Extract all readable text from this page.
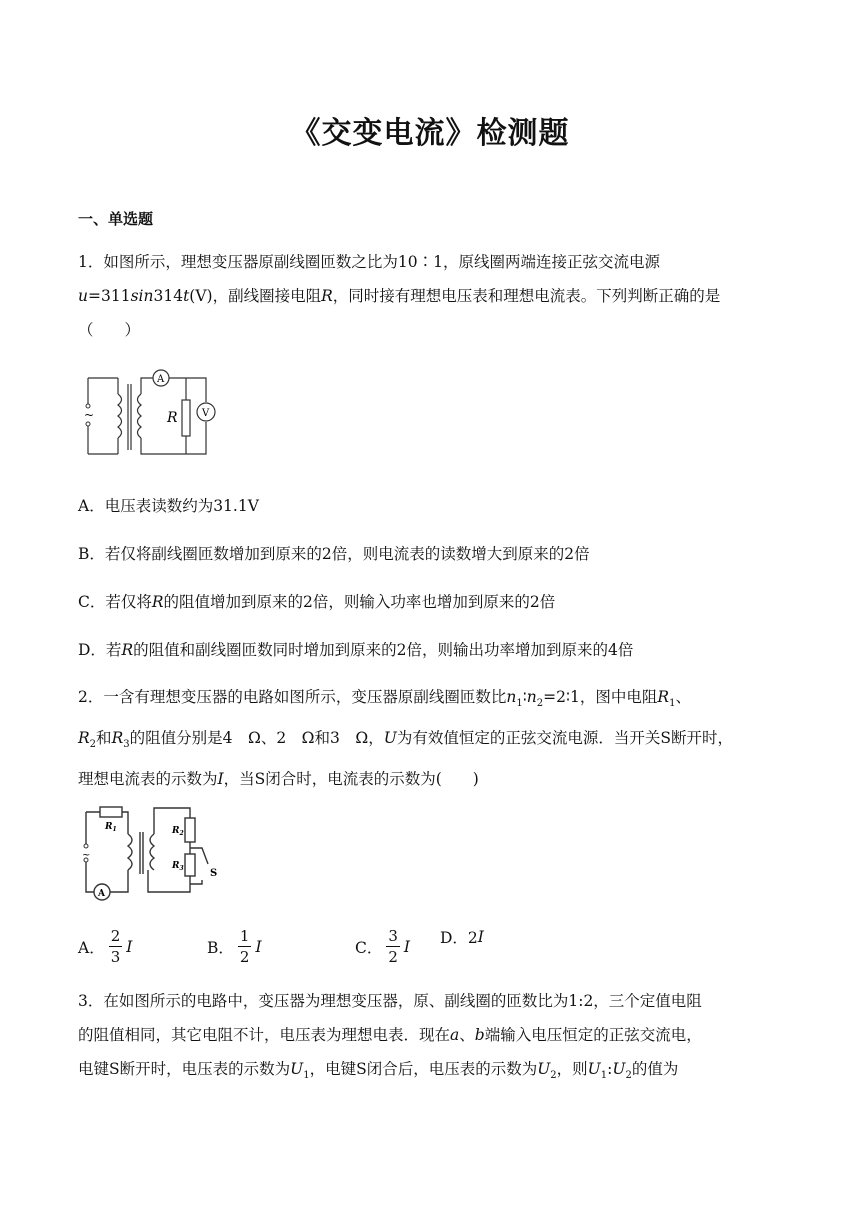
《交变电流》检测题
一、单选题
1．如图所示，理想变压器原副线圈匝数之比为10∶1，原线圈两端连接正弦交流电源
u=311sin314t(V)，副线圈接电阻R，同时接有理想电压表和理想电流表。下列判断正确的是
（　　）
~
A
V
R
A．电压表读数约为31.1V
B．若仅将副线圈匝数增加到原来的2倍，则电流表的读数增大到原来的2倍
C．若仅将R的阻值增加到原来的2倍，则输入功率也增加到原来的2倍
D．若R的阻值和副线圈匝数同时增加到原来的2倍，则输出功率增加到原来的4倍
2．一含有理想变压器的电路如图所示，变压器原副线圈匝数比$n_1∶n_2=2∶1$，图中电阻$R_1$、
$R_2$和$R_3$的阻值分别是4　Ω、2　Ω和3　Ω，U为有效值恒定的正弦交流电源．当开关S断开时，
理想电流表的示数为I，当S闭合时，电流表的示数为(　　)
~
$R_1$	$R_2$
$R_3$	S
A
A． $\frac{2}{3}$ I	B． $\frac{1}{2}$ I	C． $\frac{3}{2}$ I D．2 I
3．在如图所示的电路中，变压器为理想变压器，原、副线圈的匝数比为1:2，三个定值电阻
的阻值相同，其它电阻不计，电压表为理想电表．现在a、b端输入电压恒定的正弦交流电，
电键S断开时，电压表的示数为$U_1$，电键S闭合后，电压表的示数为$U_2$，则$U_1:U_2$的值为
